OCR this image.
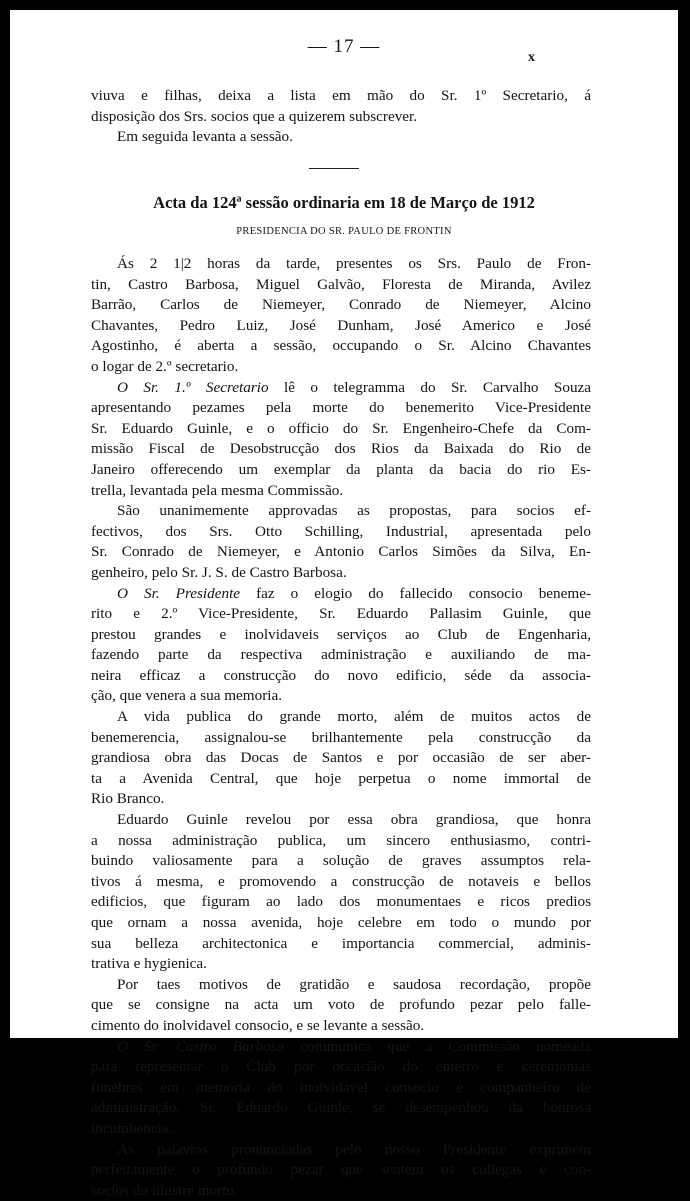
— 17 —
x
viuva e filhas, deixa a lista em mão do Sr. 1º Secretario, á
disposição dos Srs. socios que a quizerem subscrever.
Em seguida levanta a sessão.
Acta da 124ª sessão ordinaria em 18 de Março de 1912
PRESIDENCIA DO SR. PAULO DE FRONTIN
Ás 2 1|2 horas da tarde, presentes os Srs. Paulo de Fron-
tin, Castro Barbosa, Miguel Galvão, Floresta de Miranda, Avilez
Barrão, Carlos de Niemeyer, Conrado de Niemeyer, Alcino
Chavantes, Pedro Luiz, José Dunham, José Americo e José
Agostinho, é aberta a sessão, occupando o Sr. Alcino Chavantes
o logar de 2.º secretario.
O Sr. 1.º Secretario lê o telegramma do Sr. Carvalho Souza
apresentando pezames pela morte do benemerito Vice-Presidente
Sr. Eduardo Guinle, e o officio do Sr. Engenheiro-Chefe da Com-
missão Fiscal de Desobstrucção dos Rios da Baixada do Rio de
Janeiro offerecendo um exemplar da planta da bacia do rio Es-
trella, levantada pela mesma Commissão.
São unanimemente approvadas as propostas, para socios ef-
fectivos, dos Srs. Otto Schilling, Industrial, apresentada pelo
Sr. Conrado de Niemeyer, e Antonio Carlos Simões da Silva, En-
genheiro, pelo Sr. J. S. de Castro Barbosa.
O Sr. Presidente faz o elogio do fallecido consocio beneme-
rito e 2.º Vice-Presidente, Sr. Eduardo Pallasim Guinle, que
prestou grandes e inolvidaveis serviços ao Club de Engenharia,
fazendo parte da respectiva administração e auxiliando de ma-
neira efficaz a construcção do novo edificio, séde da associa-
ção, que venera a sua memoria.
A vida publica do grande morto, além de muitos actos de
benemerencia, assignalou-se brilhantemente pela construcção da
grandiosa obra das Docas de Santos e por occasião de ser aber-
ta a Avenida Central, que hoje perpetua o nome immortal de
Rio Branco.
Eduardo Guinle revelou por essa obra grandiosa, que honra
a nossa administração publica, um sincero enthusiasmo, contri-
buindo valiosamente para a solução de graves assumptos rela-
tivos á mesma, e promovendo a construcção de notaveis e bellos
edificios, que figuram ao lado dos monumentaes e ricos predios
que ornam a nossa avenida, hoje celebre em todo o mundo por
sua belleza architectonica e importancia commercial, adminis-
trativa e hygienica.
Por taes motivos de gratidão e saudosa recordação, propõe
que se consigne na acta um voto de profundo pezar pelo falle-
cimento do inolvidavel consocio, e se levante a sessão.
O Sr. Castro Barbosa communica que a Commissão nomeada
para representar o Club por occasião do enterro e ceremonias
funebres em memoria do inolvidavel consocio e companheiro de
administração, Sr. Eduardo Guinle, se desempenhou da honrosa
incumbencia.
As palavras pronunciadas pelo nosso Presidente exprimem
perfeitamente o profundo pezar que sentem os collegas e con-
socios do illustre morto.
